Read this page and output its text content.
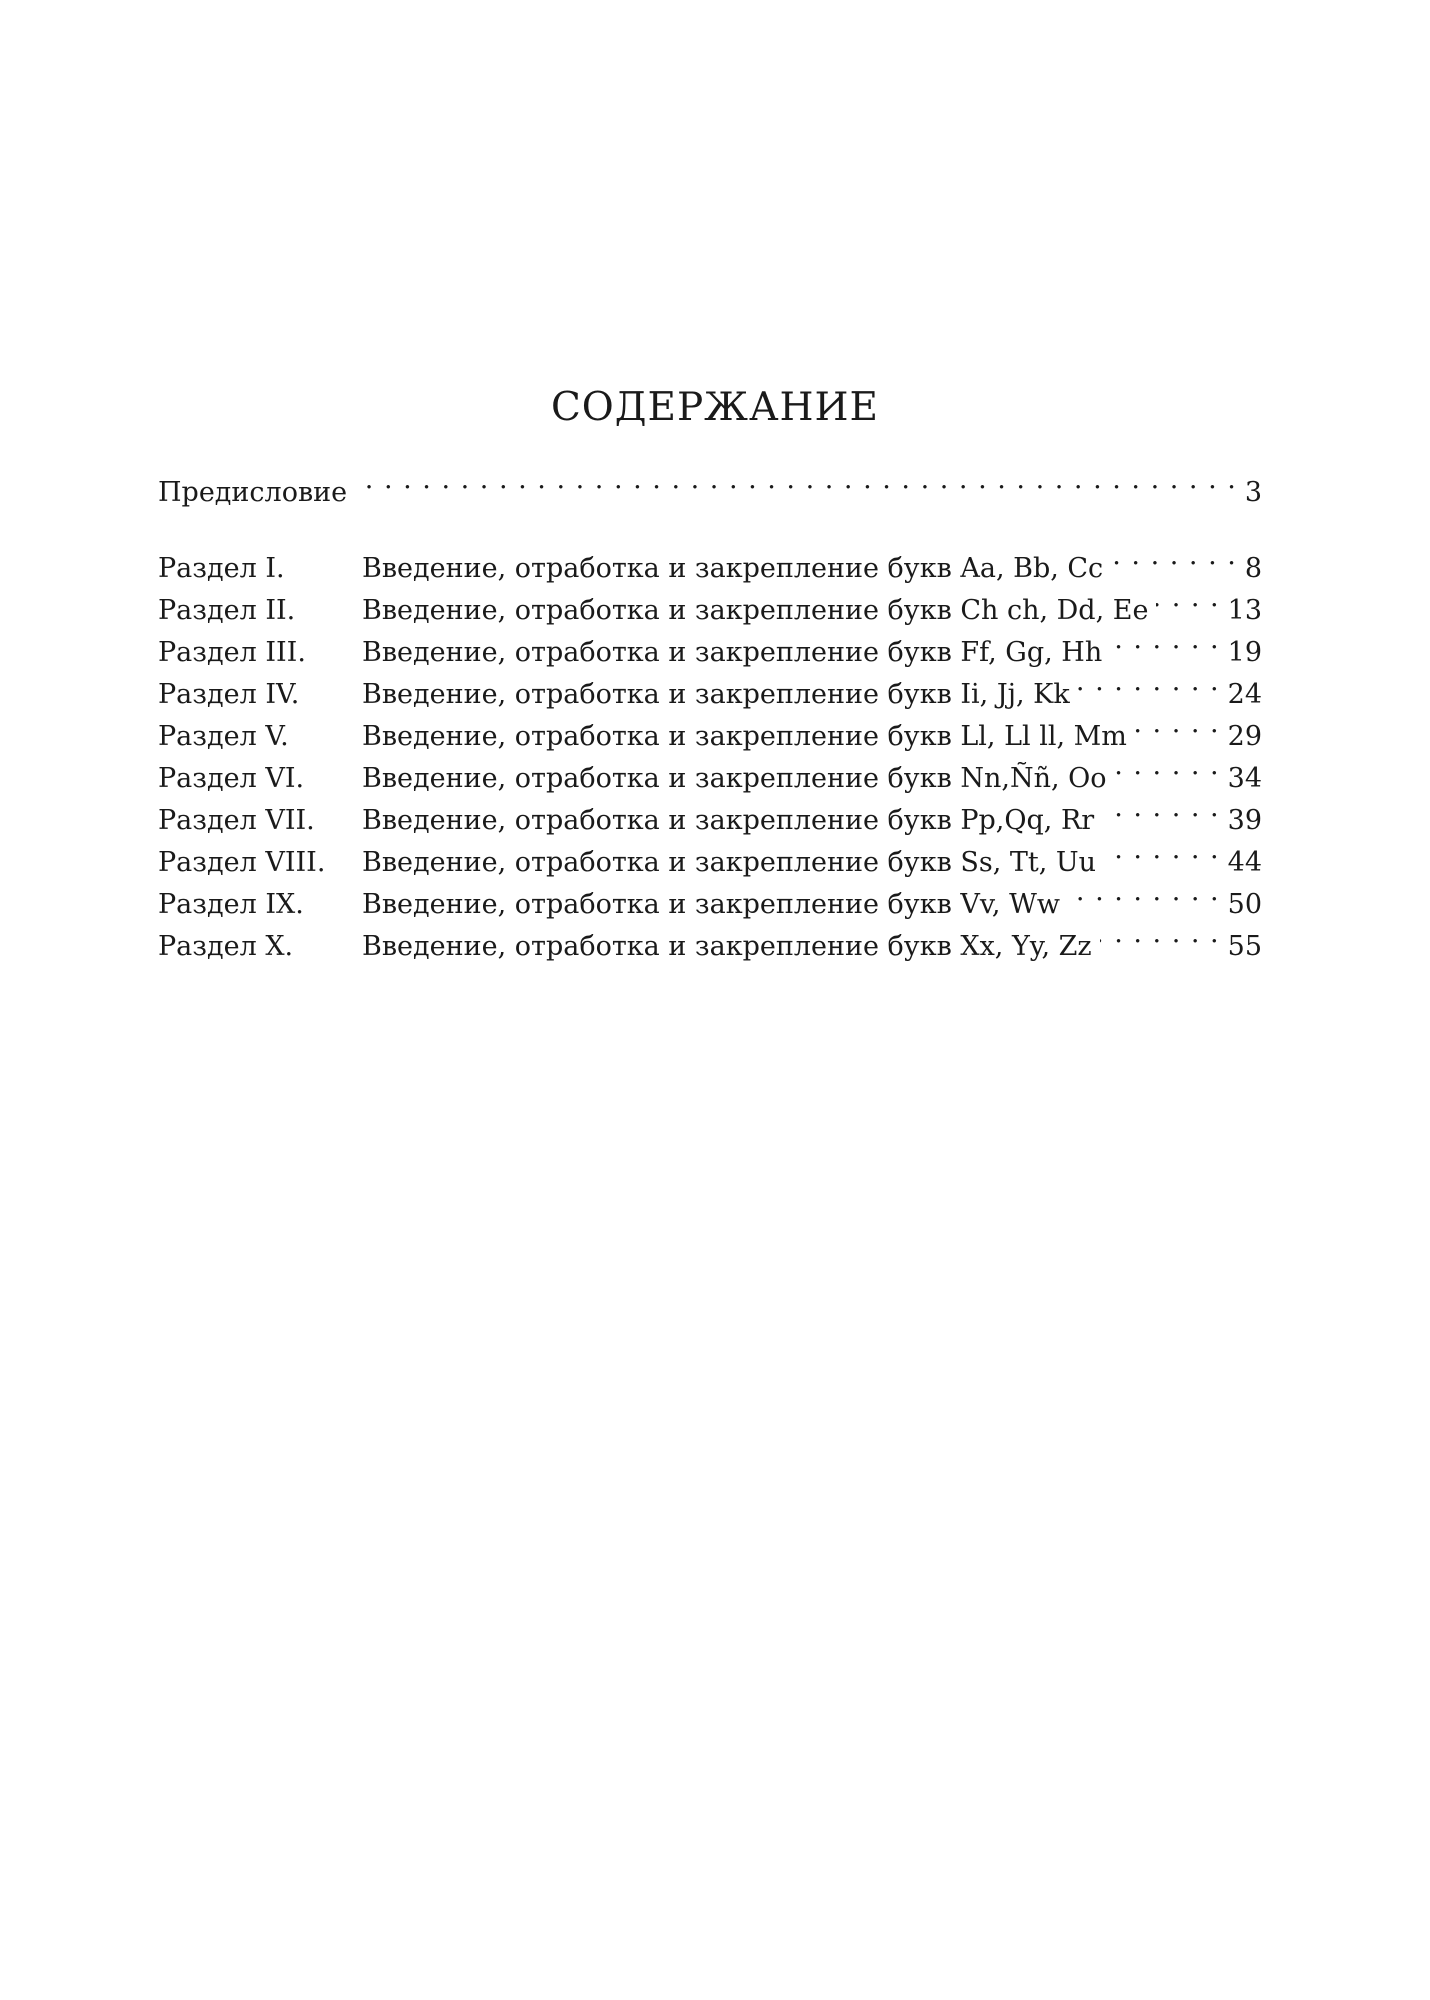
СОДЕРЖАНИЕ
Предисловие . . .	3
Раздел I.	Введение, отработка и закрепление букв Aa, Bb, Cc . . .	8
Раздел II.	Введение, отработка и закрепление букв Ch ch, Dd, Ee . . .	13
Раздел III.	Введение, отработка и закрепление букв Ff, Gg, Hh . . .	19
Раздел IV.	Введение, отработка и закрепление букв Ii, Jj, Kk . . .	24
Раздел V.	Введение, отработка и закрепление букв Ll, Ll ll, Mm . . .	29
Раздел VI.	Введение, отработка и закрепление букв Nn,Ññ, Oo . . .	34
Раздел VII.	Введение, отработка и закрепление букв Pp,Qq, Rr . . .	39
Раздел VIII.	Введение, отработка и закрепление букв Ss, Tt, Uu . . .	44
Раздел IX.	Введение, отработка и закрепление букв Vv, Ww . . .	50
Раздел X.	Введение, отработка и закрепление букв Xx, Yy, Zz . . .	55
